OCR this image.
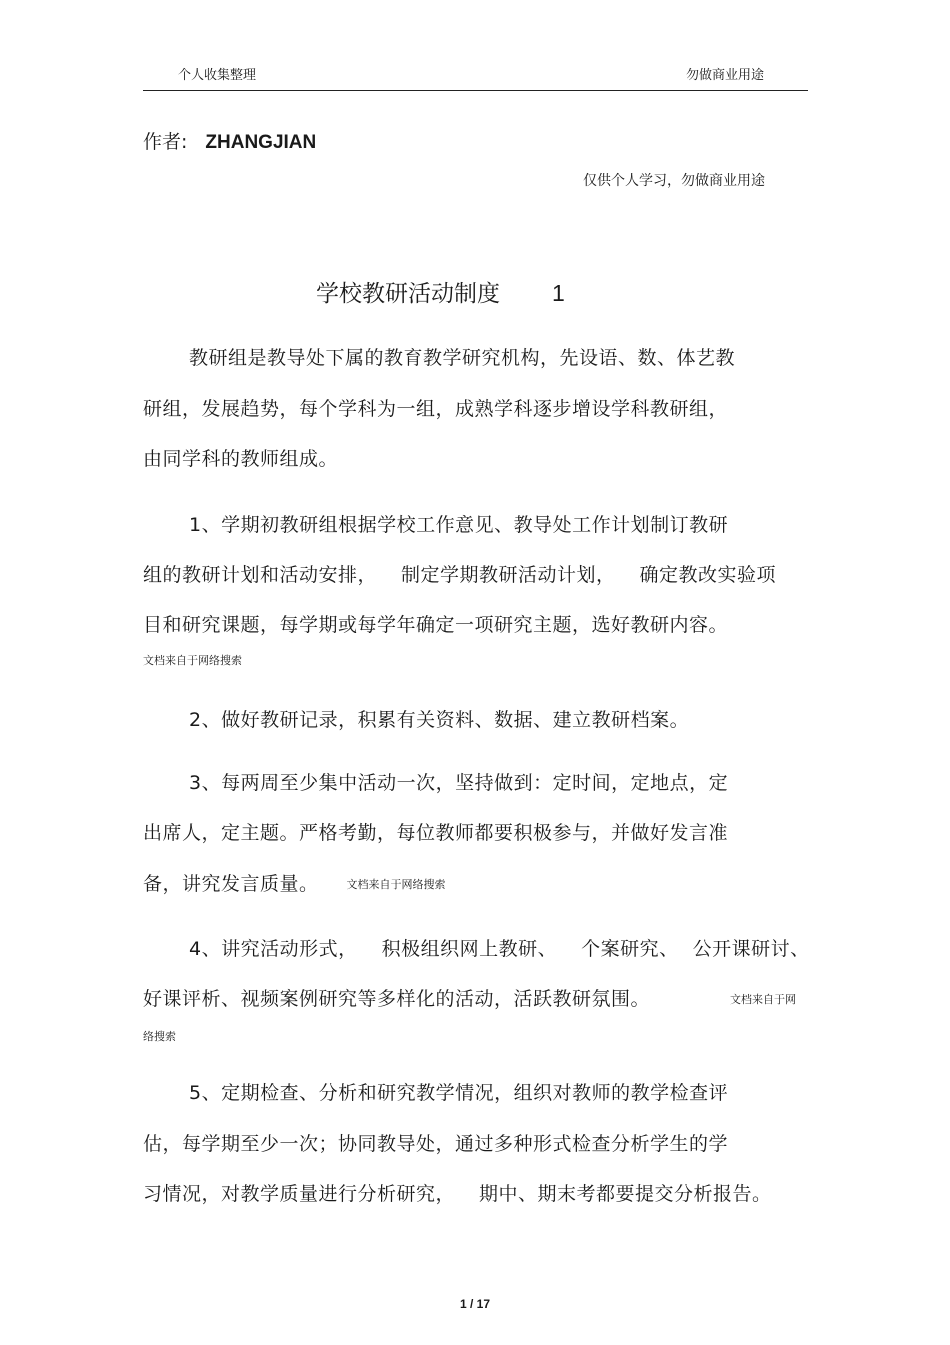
个人收集整理	勿做商业用途
作者: ZHANGJIAN
仅供个人学习，勿做商业用途
学校教研活动制度 1
教研组是教导处下属的教育教学研究机构，先设语、数、体艺教
研组，发展趋势，每个学科为一组，成熟学科逐步增设学科教研组，
由同学科的教师组成。
1、学期初教研组根据学校工作意见、教导处工作计划制订教研
组的教研计划和活动安排， 制定学期教研活动计划， 确定教改实验项
目和研究课题，每学期或每学年确定一项研究主题，选好教研内容。
文档来自于网络搜索
2、做好教研记录，积累有关资料、数据、建立教研档案。
3、每两周至少集中活动一次，坚持做到：定时间，定地点，定
出席人，定主题。严格考勤，每位教师都要积极参与，并做好发言准
备，讲究发言质量。	文档来自于网络搜索
4、讲究活动形式， 积极组织网上教研、 个案研究、 公开课研讨、
好课评析、视频案例研究等多样化的活动，活跃教研氛围。	文档来自于网
络搜索
5、定期检查、分析和研究教学情况，组织对教师的教学检查评
估，每学期至少一次；协同教导处，通过多种形式检查分析学生的学
习情况，对教学质量进行分析研究， 期中、期末考都要提交分析报告。
1 / 17
